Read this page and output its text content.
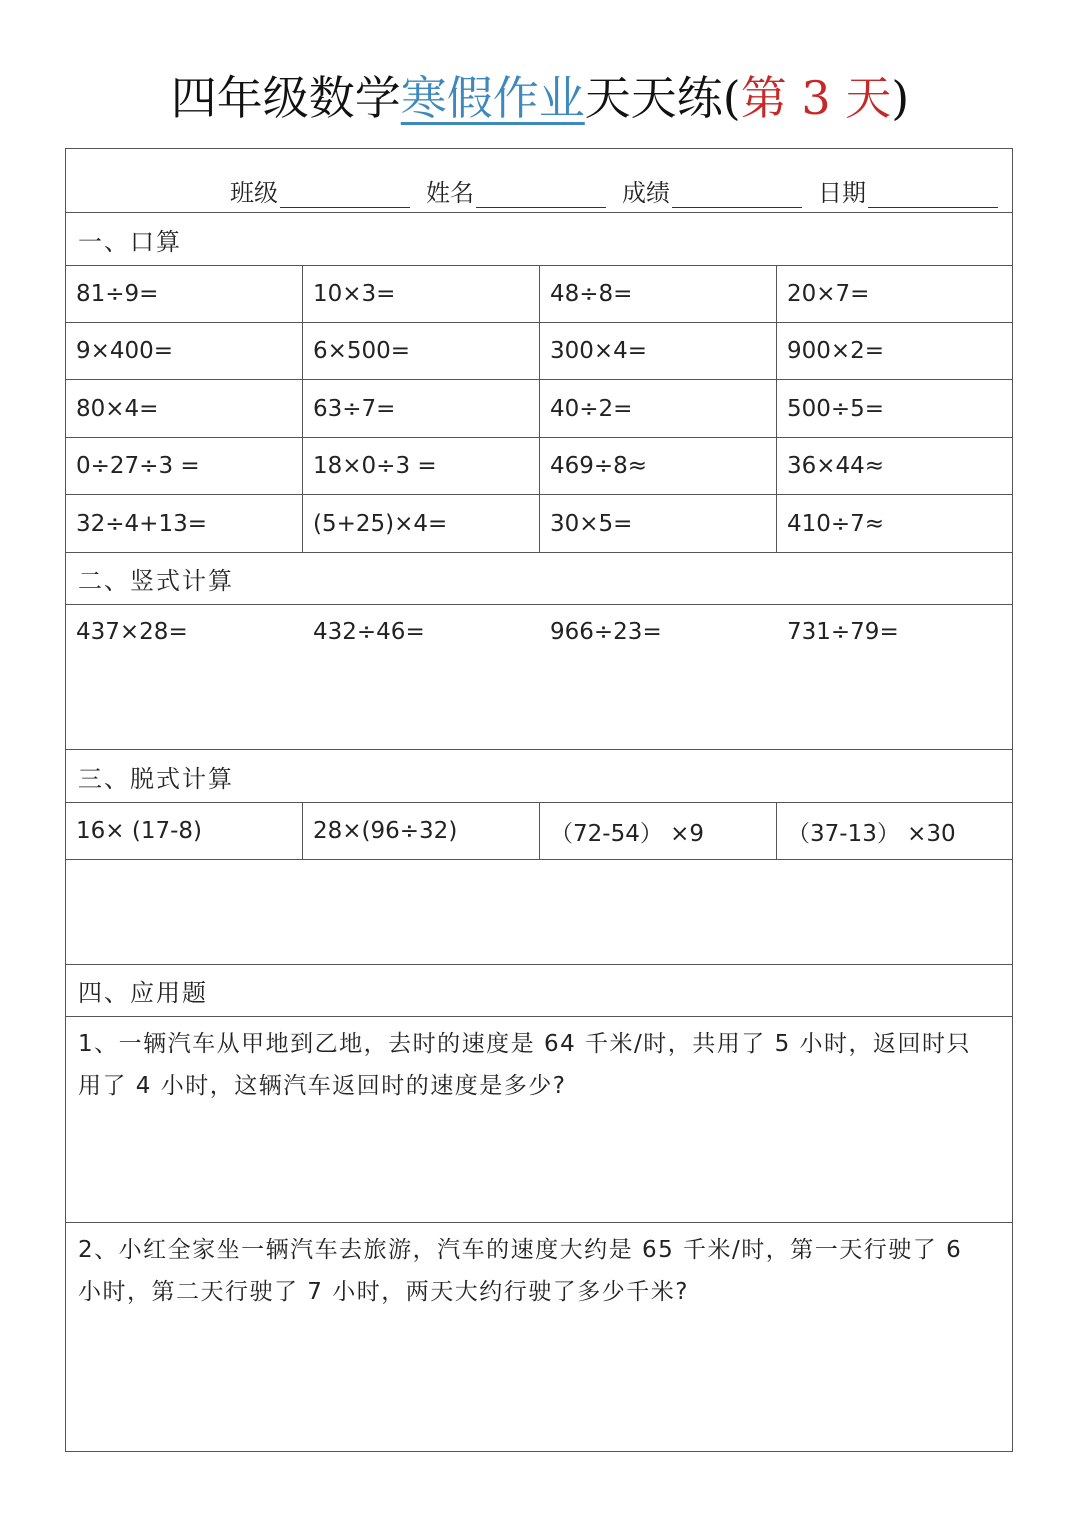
四年级数学寒假作业天天练(第 3 天)
班级	姓名	成绩	日期
一、口算
81÷9=	10×3=	48÷8=	20×7=
9×400=	6×500=	300×4=	900×2=
80×4=	63÷7=	40÷2=	500÷5=
0÷27÷3 =	18×0÷3 =	469÷8≈	36×44≈
32÷4+13=	(5+25)×4=	30×5=	410÷7≈
二、竖式计算
437×28=	432÷46=	966÷23=	731÷79=
三、脱式计算
16× (17-8)	28×(96÷32)	（72-54） ×9	（37-13） ×30
四、应用题
1、一辆汽车从甲地到乙地，去时的速度是 64 千米/时，共用了 5 小时，返回时只用了 4 小时，这辆汽车返回时的速度是多少?
2、小红全家坐一辆汽车去旅游，汽车的速度大约是 65 千米/时，第一天行驶了 6 小时，第二天行驶了 7 小时，两天大约行驶了多少千米?
